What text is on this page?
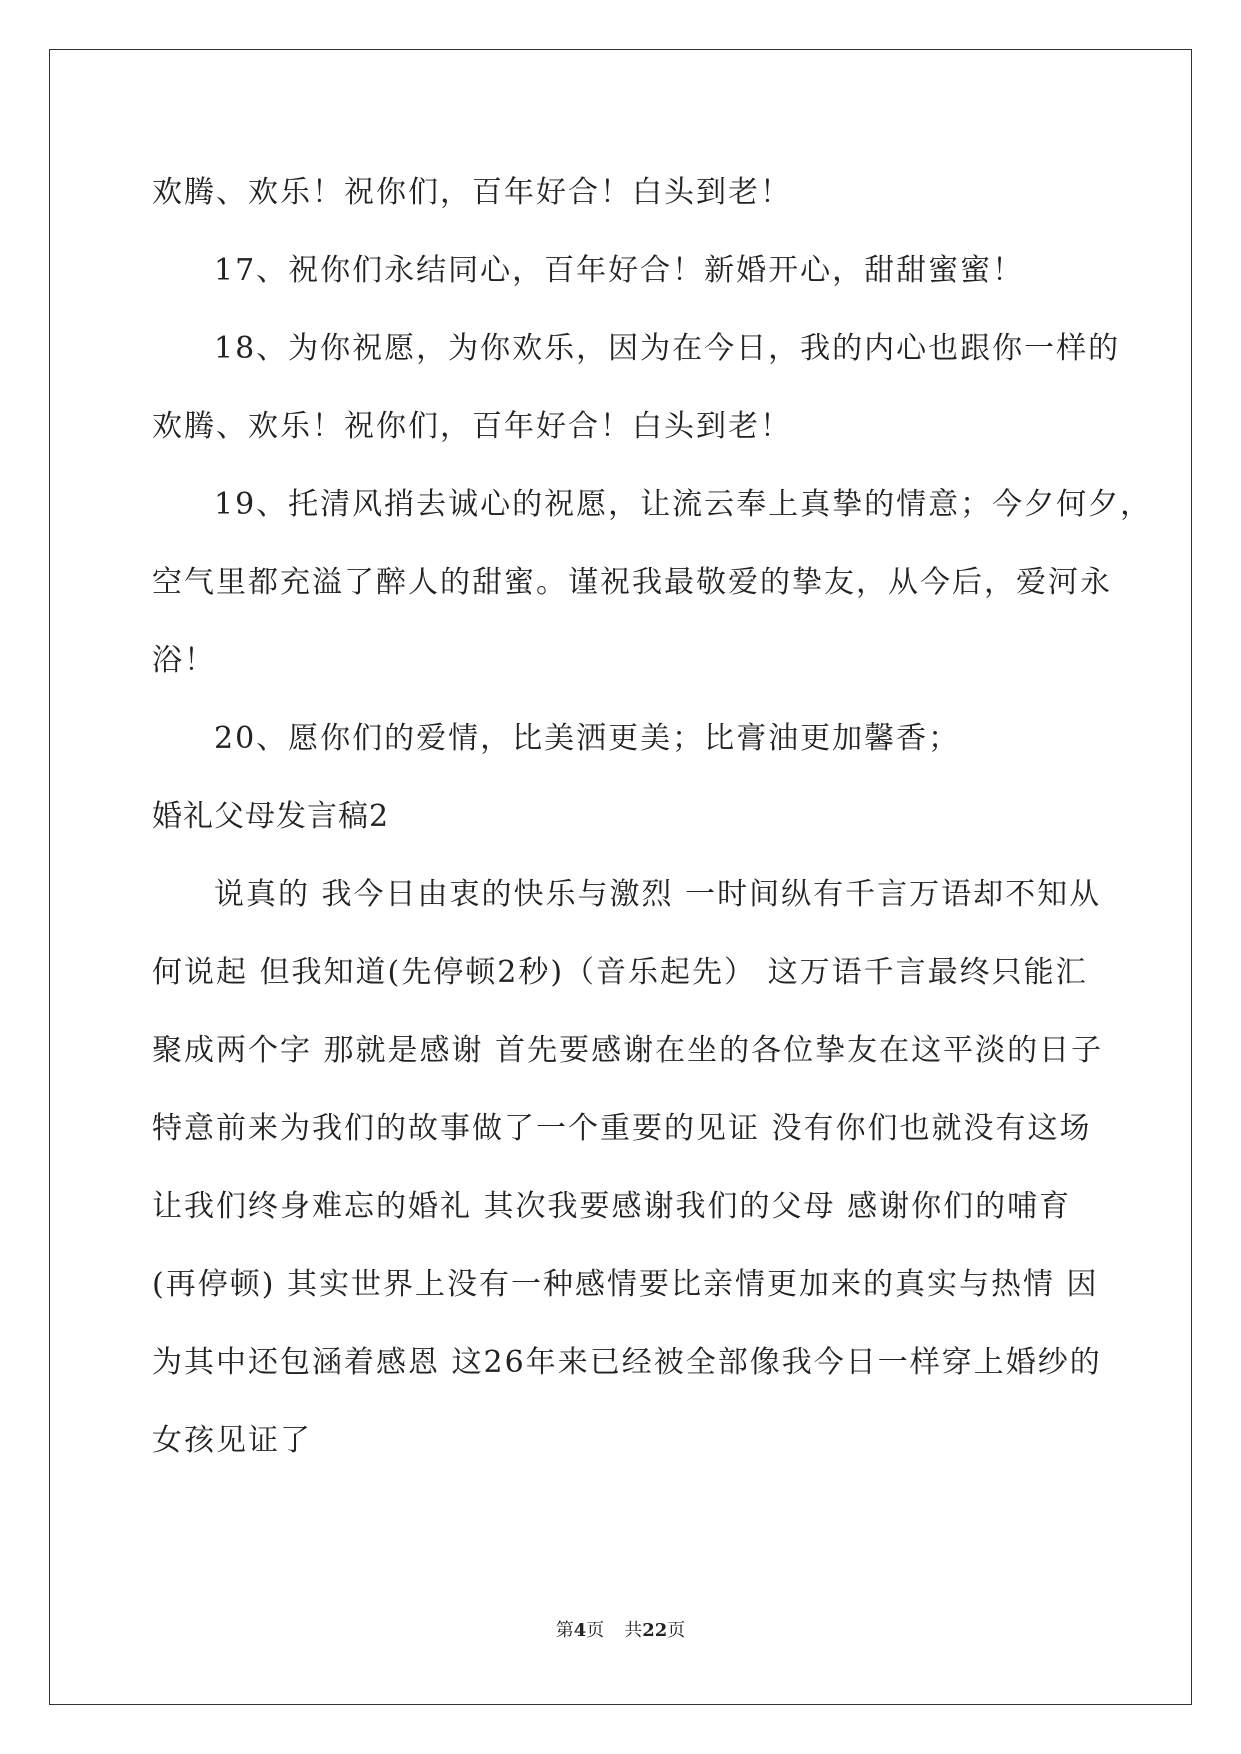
欢腾、欢乐！祝你们，百年好合！白头到老！
17、祝你们永结同心，百年好合！新婚开心，甜甜蜜蜜！
18、为你祝愿，为你欢乐，因为在今日，我的内心也跟你一样的
欢腾、欢乐！祝你们，百年好合！白头到老！
19、托清风捎去诚心的祝愿，让流云奉上真挚的情意；今夕何夕，
空气里都充溢了醉人的甜蜜。谨祝我最敬爱的挚友，从今后，爱河永
浴！
20、愿你们的爱情，比美洒更美；比膏油更加馨香；
婚礼父母发言稿2
说真的 我今日由衷的快乐与激烈 一时间纵有千言万语却不知从
何说起 但我知道(先停顿2秒)（音乐起先） 这万语千言最终只能汇
聚成两个字 那就是感谢 首先要感谢在坐的各位挚友在这平淡的日子
特意前来为我们的故事做了一个重要的见证 没有你们也就没有这场
让我们终身难忘的婚礼 其次我要感谢我们的父母 感谢你们的哺育
(再停顿) 其实世界上没有一种感情要比亲情更加来的真实与热情 因
为其中还包涵着感恩 这26年来已经被全部像我今日一样穿上婚纱的
女孩见证了
第4页 共22页
